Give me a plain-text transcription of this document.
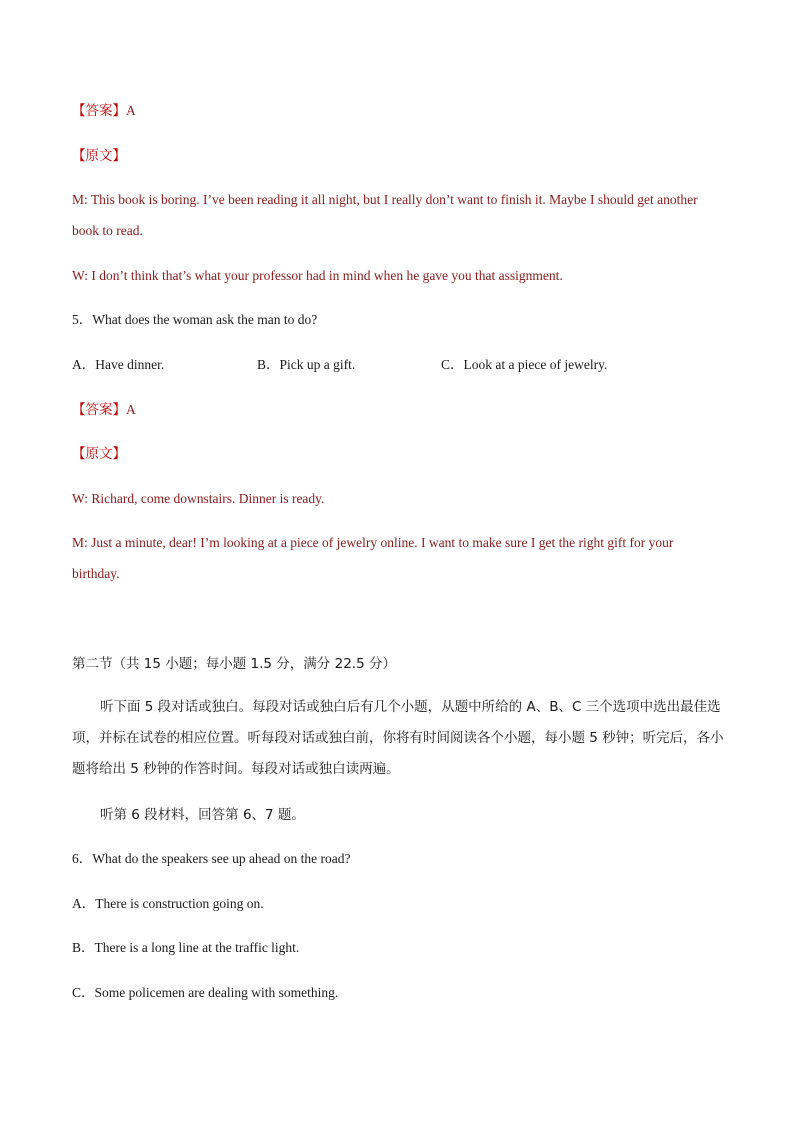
【答案】A
【原文】
M: This book is boring. I’ve been reading it all night, but I really don’t want to finish it. Maybe I should get another book to read.
W: I don’t think that’s what your professor had in mind when he gave you that assignment.
5．What does the woman ask the man to do?
A．Have dinner.	B．Pick up a gift.	C．Look at a piece of jewelry.
【答案】A
【原文】
W: Richard, come downstairs. Dinner is ready.
M: Just a minute, dear! I’m looking at a piece of jewelry online. I want to make sure I get the right gift for your birthday.
第二节（共 15 小题；每小题 1.5 分，满分 22.5 分）
听下面 5 段对话或独白。每段对话或独白后有几个小题，从题中所给的 A、B、C 三个选项中选出最佳选项，并标在试卷的相应位置。听每段对话或独白前，你将有时间阅读各个小题，每小题 5 秒钟；听完后，各小题将给出 5 秒钟的作答时间。每段对话或独白读两遍。
听第 6 段材料，回答第 6、7 题。
6．What do the speakers see up ahead on the road?
A．There is construction going on.
B．There is a long line at the traffic light.
C．Some policemen are dealing with something.
